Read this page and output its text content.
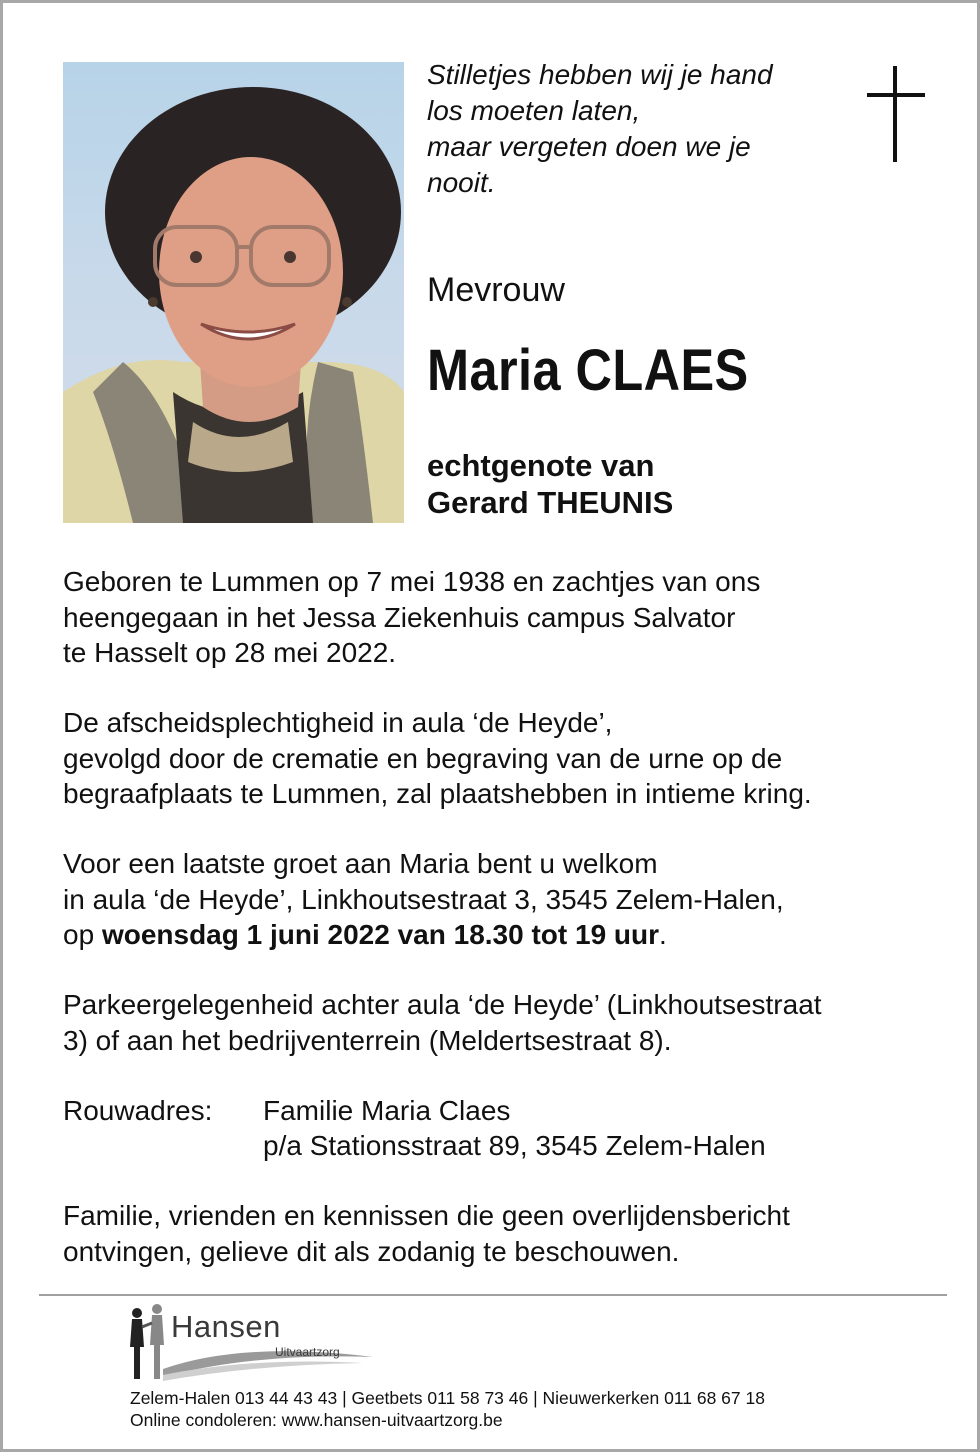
Stilletjes hebben wij je hand
los moeten laten,
maar vergeten doen we je
nooit.
Mevrouw
Maria CLAES
echtgenote van
Gerard THEUNIS
Geboren te Lummen op 7 mei 1938 en zachtjes van ons
heengegaan in het Jessa Ziekenhuis campus Salvator
te Hasselt op 28 mei 2022.
De afscheidsplechtigheid in aula ‘de Heyde’,
gevolgd door de crematie en begraving van de urne op de
begraafplaats te Lummen, zal plaatshebben in intieme kring.
Voor een laatste groet aan Maria bent u welkom
in aula ‘de Heyde’, Linkhoutsestraat 3, 3545 Zelem-Halen,
op woensdag 1 juni 2022 van 18.30 tot 19 uur.
Parkeergelegenheid achter aula ‘de Heyde’ (Linkhoutsestraat
3) of aan het bedrijventerrein (Meldertsestraat 8).
Rouwadres:	Familie Maria Claes
p/a Stationsstraat 89, 3545 Zelem-Halen
Familie, vrienden en kennissen die geen overlijdensbericht
ontvingen, gelieve dit als zodanig te beschouwen.
Hansen
Uitvaartzorg
Zelem-Halen 013 44 43 43 | Geetbets 011 58 73 46 | Nieuwerkerken 011 68 67 18
Online condoleren: www.hansen-uitvaartzorg.be
